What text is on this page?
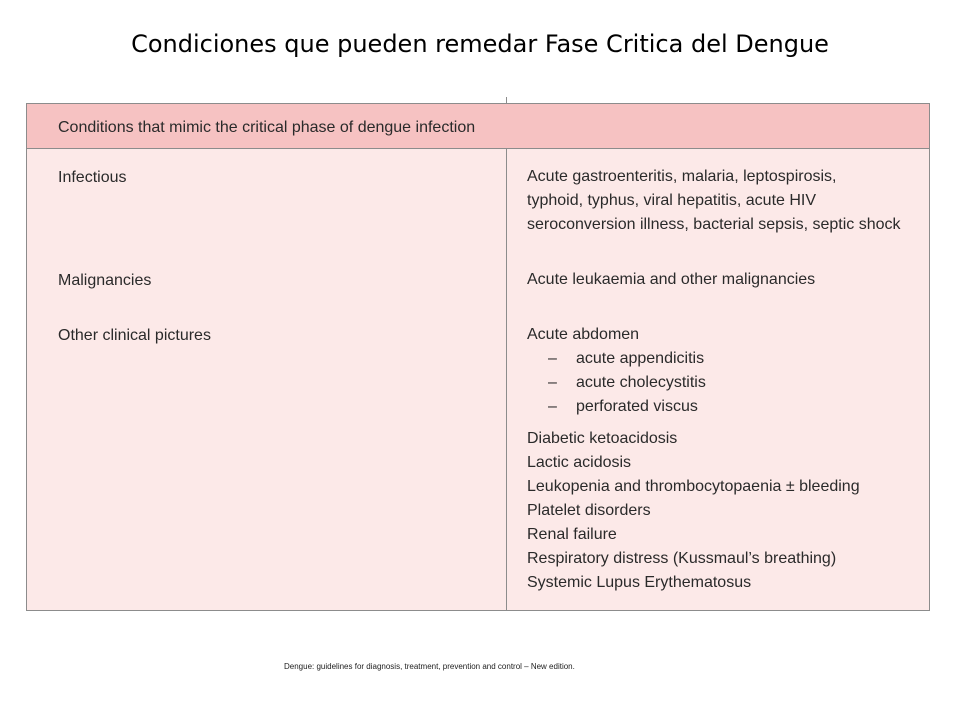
Condiciones que pueden remedar Fase Critica del Dengue
Conditions that mimic the critical phase of dengue infection
Infectious	Acute gastroenteritis, malaria, leptospirosis,
typhoid, typhus, viral hepatitis, acute HIV
seroconversion illness, bacterial sepsis, septic shock
Malignancies	Acute leukaemia and other malignancies
Other clinical pictures	Acute abdomen
– acute appendicitis
– acute cholecystitis
– perforated viscus
Diabetic ketoacidosis
Lactic acidosis
Leukopenia and thrombocytopaenia ± bleeding
Platelet disorders
Renal failure
Respiratory distress (Kussmaul’s breathing)
Systemic Lupus Erythematosus
Dengue: guidelines for diagnosis, treatment, prevention and control – New edition.
